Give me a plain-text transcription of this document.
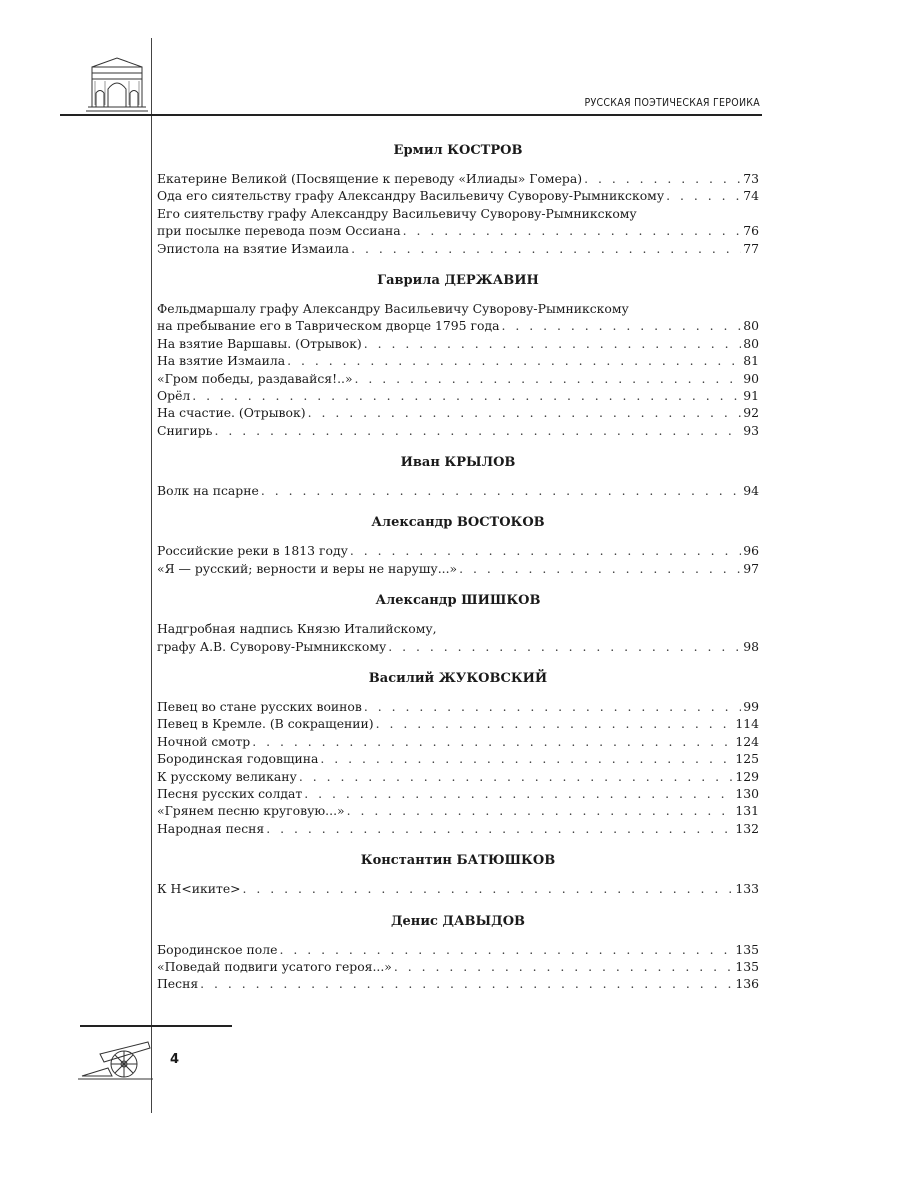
РУССКАЯ ПОЭТИЧЕСКАЯ ГЕРОИКА
Ермил КОСТРОВ
Екатерине Великой (Посвящение к переводу «Илиады» Гомера) . . .	73
Ода его сиятельству графу Александру Васильевичу Суворову-Рымникскому . . .	74
Его сиятельству графу Александру Васильевичу Суворову-Рымникскому
при посылке перевода поэм Оссиана . . .	76
Эпистола на взятие Измаила . . .	77
Гаврила ДЕРЖАВИН
Фельдмаршалу графу Александру Васильевичу Суворову-Рымникскому
на пребывание его в Таврическом дворце 1795 года . . .	80
На взятие Варшавы. (Отрывок) . . .	80
На взятие Измаила . . .	81
«Гром победы, раздавайся!..» . . .	90
Орёл . . .	91
На счастие. (Отрывок) . . .	92
Снигирь . . .	93
Иван КРЫЛОВ
Волк на псарне . . .	94
Александр ВОСТОКОВ
Российские реки в 1813 году . . .	96
«Я — русский; верности и веры не нарушу...» . . .	97
Александр ШИШКОВ
Надгробная надпись Князю Италийскому,
графу А.В. Суворову-Рымникскому . . .	98
Василий ЖУКОВСКИЙ
Певец во стане русских воинов . . .	99
Певец в Кремле. (В сокращении) . . .	114
Ночной смотр . . .	124
Бородинская годовщина . . .	125
К русскому великану . . .	129
Песня русских солдат . . .	130
«Грянем песню круговую...» . . .	131
Народная песня . . .	132
Константин БАТЮШКОВ
К Н<иките> . . .	133
Денис ДАВЫДОВ
Бородинское поле . . .	135
«Поведай подвиги усатого героя...» . . .	135
Песня . . .	136
4
